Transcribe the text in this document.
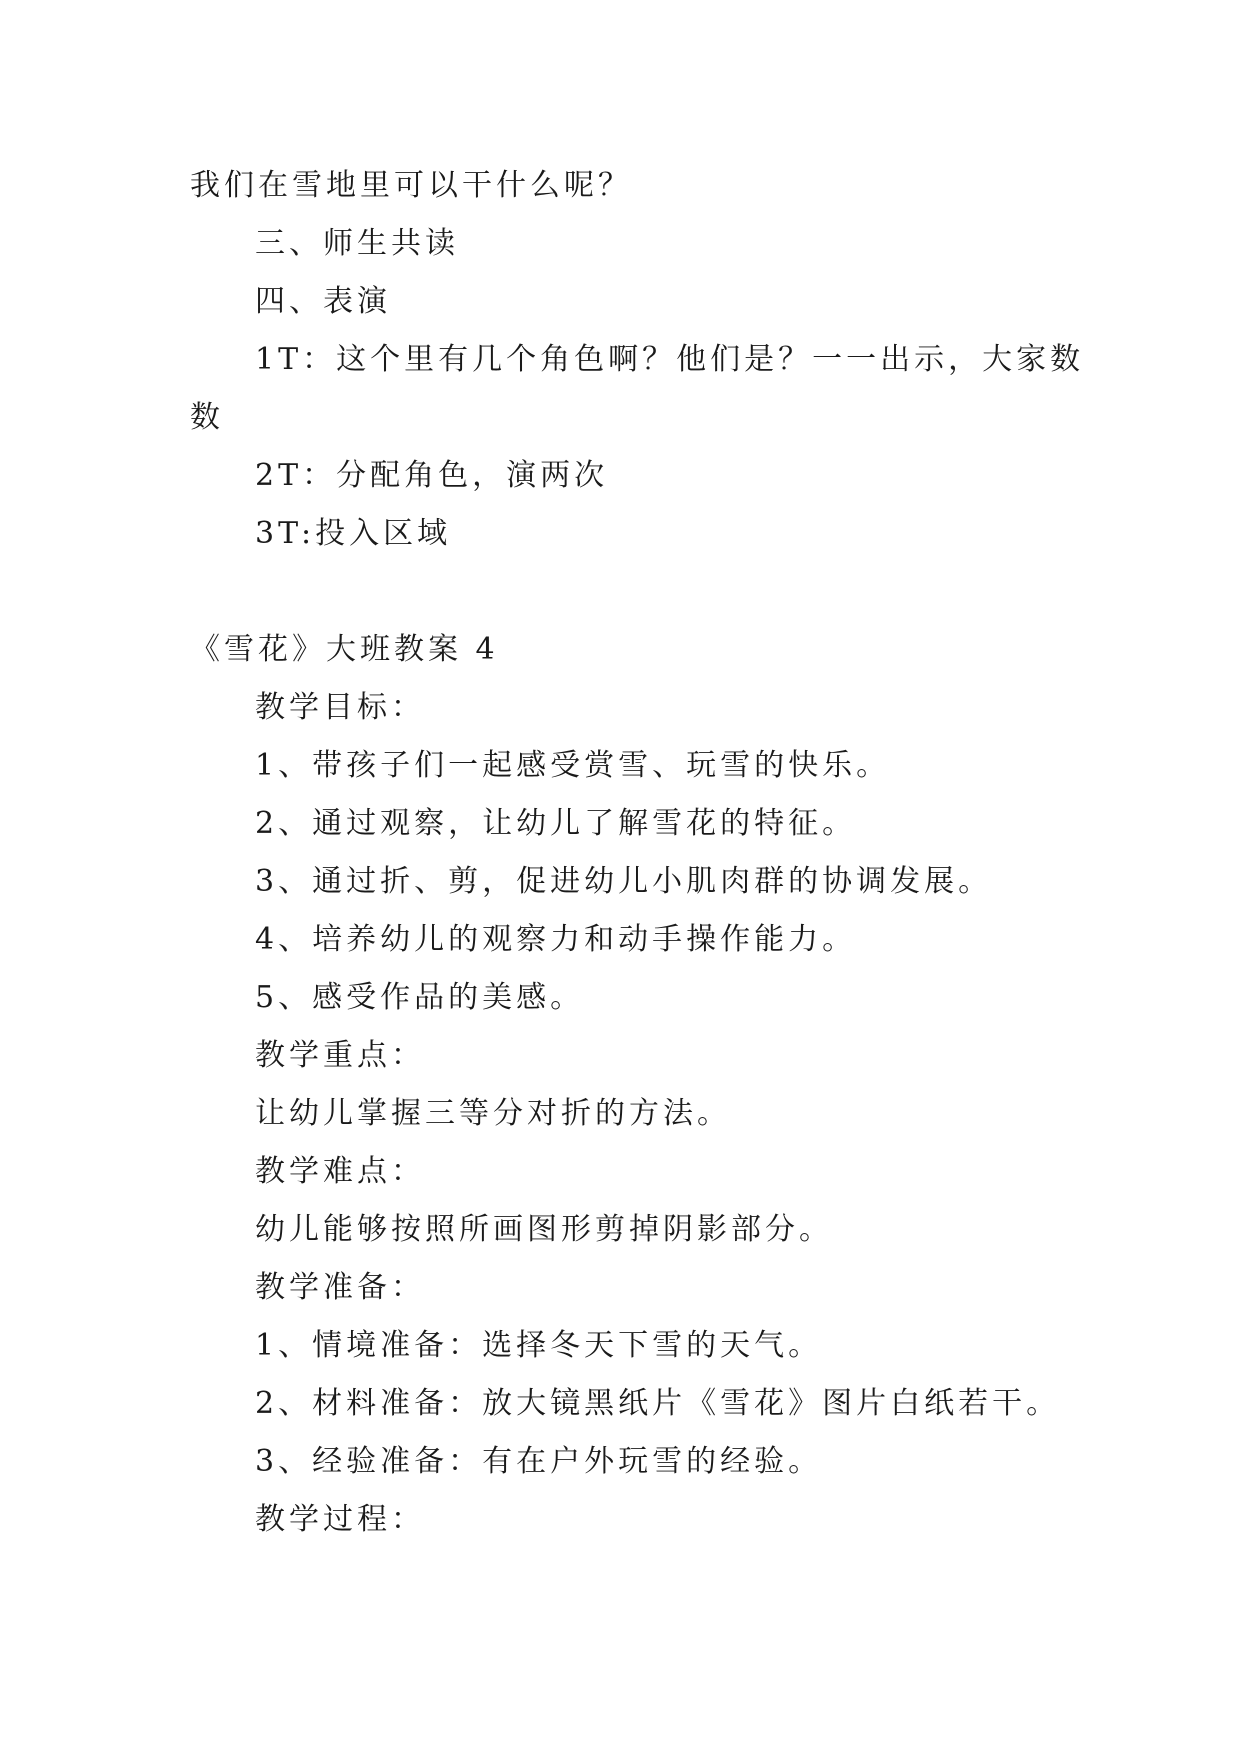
我们在雪地里可以干什么呢？
三、师生共读
四、表演
1T：这个里有几个角色啊？他们是？一一出示，大家数
数
2T：分配角色，演两次
3T:投入区域
《雪花》大班教案 4
教学目标：
1、带孩子们一起感受赏雪、玩雪的快乐。
2、通过观察，让幼儿了解雪花的特征。
3、通过折、剪，促进幼儿小肌肉群的协调发展。
4、培养幼儿的观察力和动手操作能力。
5、感受作品的美感。
教学重点：
让幼儿掌握三等分对折的方法。
教学难点：
幼儿能够按照所画图形剪掉阴影部分。
教学准备：
1、情境准备：选择冬天下雪的天气。
2、材料准备：放大镜黑纸片《雪花》图片白纸若干。
3、经验准备：有在户外玩雪的经验。
教学过程：
